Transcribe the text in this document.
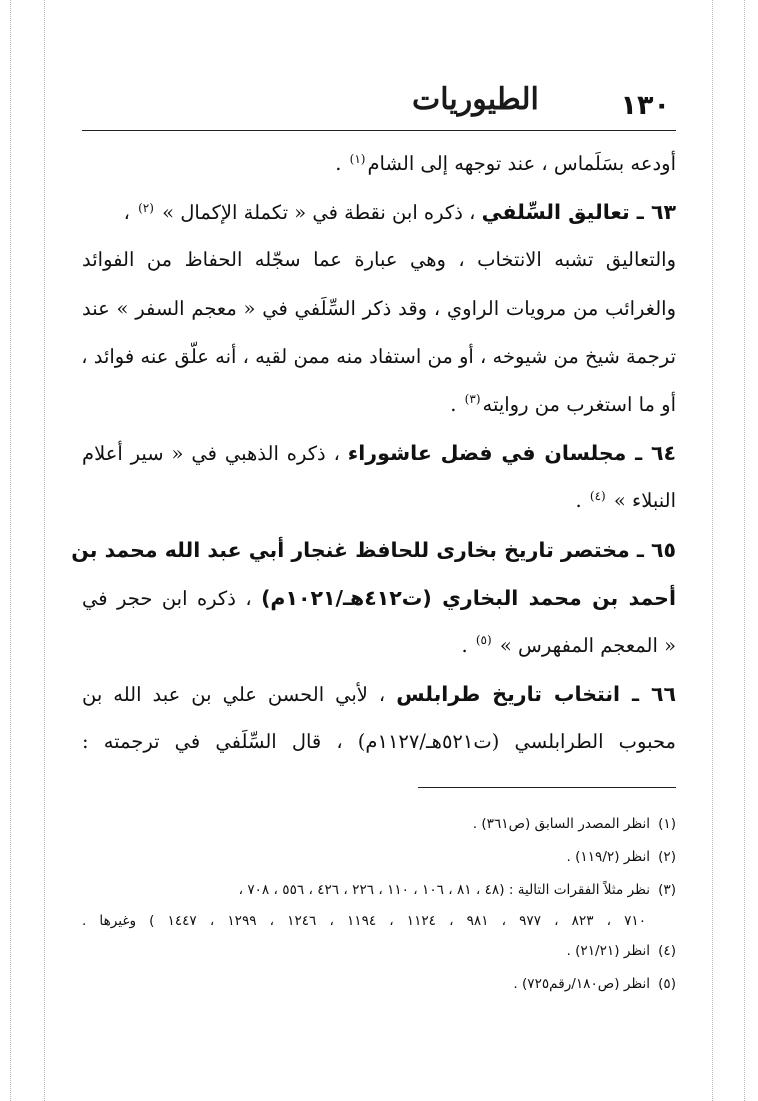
الطيوريات	١٣٠
أودعه بسَلَماس ، عند توجهه إلى الشام$^{(١)}$ .
٦٣ ـ تعاليق السِّلفي ، ذكره ابن نقطة في « تكملة الإكمال » $^{(٢)}$ ،
والتعاليق تشبه الانتخاب ، وهي عبارة عما سجّله الحفاظ من الفوائد
والغرائب من مرويات الراوي ، وقد ذكر السِّلَفي في « معجم السفر » عند
ترجمة شيخ من شيوخه ، أو من استفاد منه ممن لقيه ، أنه علّق عنه فوائد ،
أو ما استغرب من روايته$^{(٣)}$ .
٦٤ ـ مجلسان في فضل عاشوراء ، ذكره الذهبي في « سير أعلام
النبلاء » $^{(٤)}$ .
٦٥ ـ مختصر تاريخ بخارى للحافظ غنجار أبي عبد الله محمد بن
أحمد بن محمد البخاري (ت٤١٢هـ/١٠٢١م) ، ذكره ابن حجر في
« المعجم المفهرس » $^{(٥)}$ .
٦٦ ـ انتخاب تاريخ طرابلس ، لأبي الحسن علي بن عبد الله بن
محبوب الطرابلسي (ت٥٢١هـ/١١٢٧م) ، قال السِّلَفي في ترجمته :
(١)انظر المصدر السابق (ص٣٦١) .
(٢)انظر (١١٩/٢) .
(٣)نظر مثلاً الفقرات التالية : (٤٨ ، ٨١ ، ١٠٦ ، ١١٠ ، ٢٢٦ ، ٤٢٦ ، ٥٥٦ ، ٧٠٨ ،
٧١٠ ، ٨٢٣ ، ٩٧٧ ، ٩٨١ ، ١١٢٤ ، ١١٩٤ ، ١٢٤٦ ، ١٢٩٩ ، ١٤٤٧ ) وغيرها .
(٤)انظر (٢١/٢١) .
(٥)انظر (ص١٨٠/رقم٧٢٥) .
